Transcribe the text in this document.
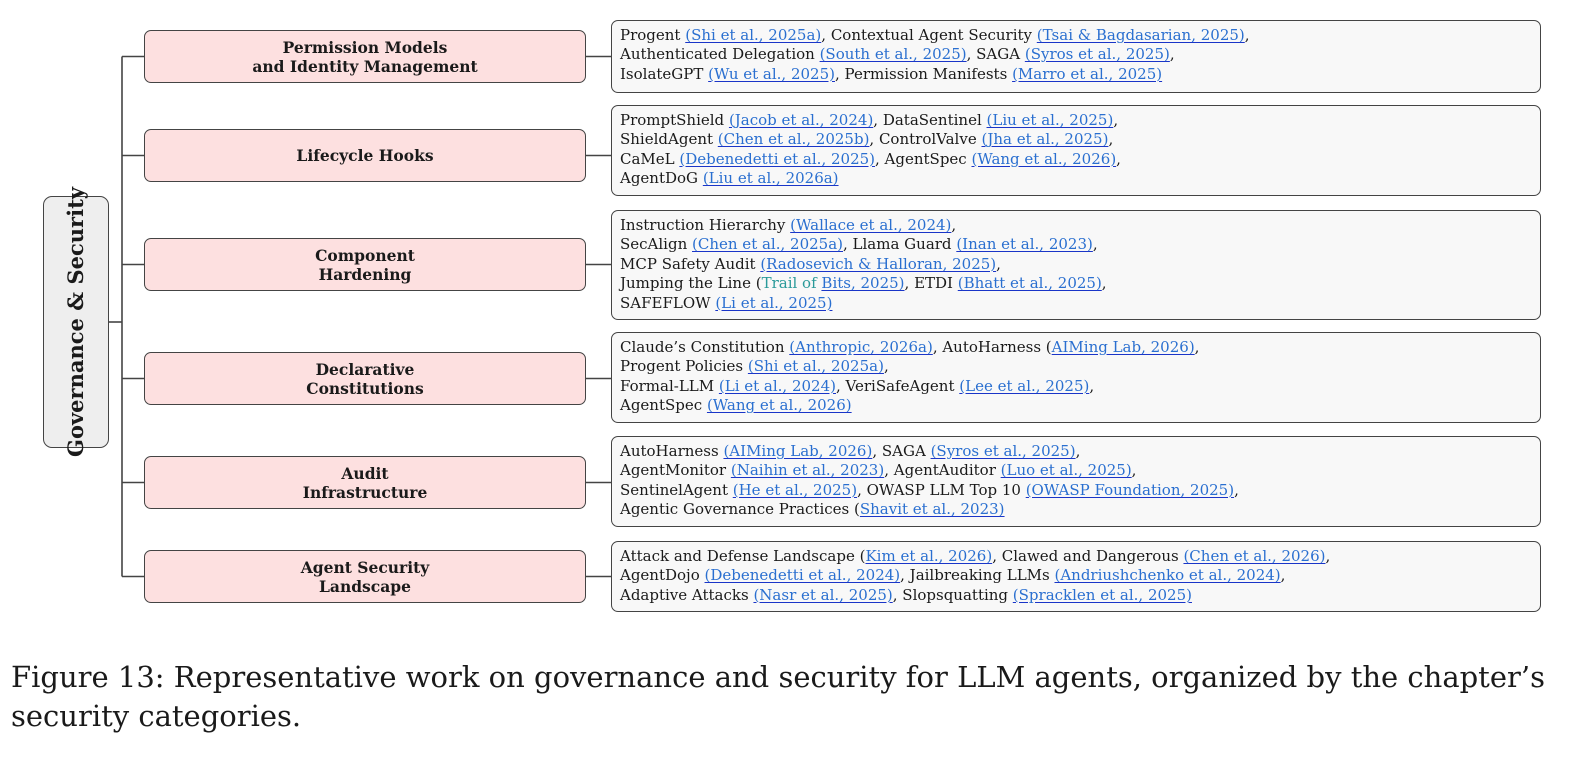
Governance & Security
Permission Models
and Identity Management
Progent (Shi et al., 2025a), Contextual Agent Security (Tsai & Bagdasarian, 2025),
Authenticated Delegation (South et al., 2025), SAGA (Syros et al., 2025),
IsolateGPT (Wu et al., 2025), Permission Manifests (Marro et al., 2025)
Lifecycle Hooks
PromptShield (Jacob et al., 2024), DataSentinel (Liu et al., 2025),
ShieldAgent (Chen et al., 2025b), ControlValve (Jha et al., 2025),
CaMeL (Debenedetti et al., 2025), AgentSpec (Wang et al., 2026),
AgentDoG (Liu et al., 2026a)
Component
Hardening
Instruction Hierarchy (Wallace et al., 2024),
SecAlign (Chen et al., 2025a), Llama Guard (Inan et al., 2023),
MCP Safety Audit (Radosevich & Halloran, 2025),
Jumping the Line (Trail of Bits, 2025), ETDI (Bhatt et al., 2025),
SAFEFLOW (Li et al., 2025)
Declarative
Constitutions
Claude’s Constitution (Anthropic, 2026a), AutoHarness (AIMing Lab, 2026),
Progent Policies (Shi et al., 2025a),
Formal-LLM (Li et al., 2024), VeriSafeAgent (Lee et al., 2025),
AgentSpec (Wang et al., 2026)
Audit
Infrastructure
AutoHarness (AIMing Lab, 2026), SAGA (Syros et al., 2025),
AgentMonitor (Naihin et al., 2023), AgentAuditor (Luo et al., 2025),
SentinelAgent (He et al., 2025), OWASP LLM Top 10 (OWASP Foundation, 2025),
Agentic Governance Practices (Shavit et al., 2023)
Agent Security
Landscape
Attack and Defense Landscape (Kim et al., 2026), Clawed and Dangerous (Chen et al., 2026),
AgentDojo (Debenedetti et al., 2024), Jailbreaking LLMs (Andriushchenko et al., 2024),
Adaptive Attacks (Nasr et al., 2025), Slopsquatting (Spracklen et al., 2025)
Figure 13: Representative work on governance and security for LLM agents, organized by the chapter’s security categories.
